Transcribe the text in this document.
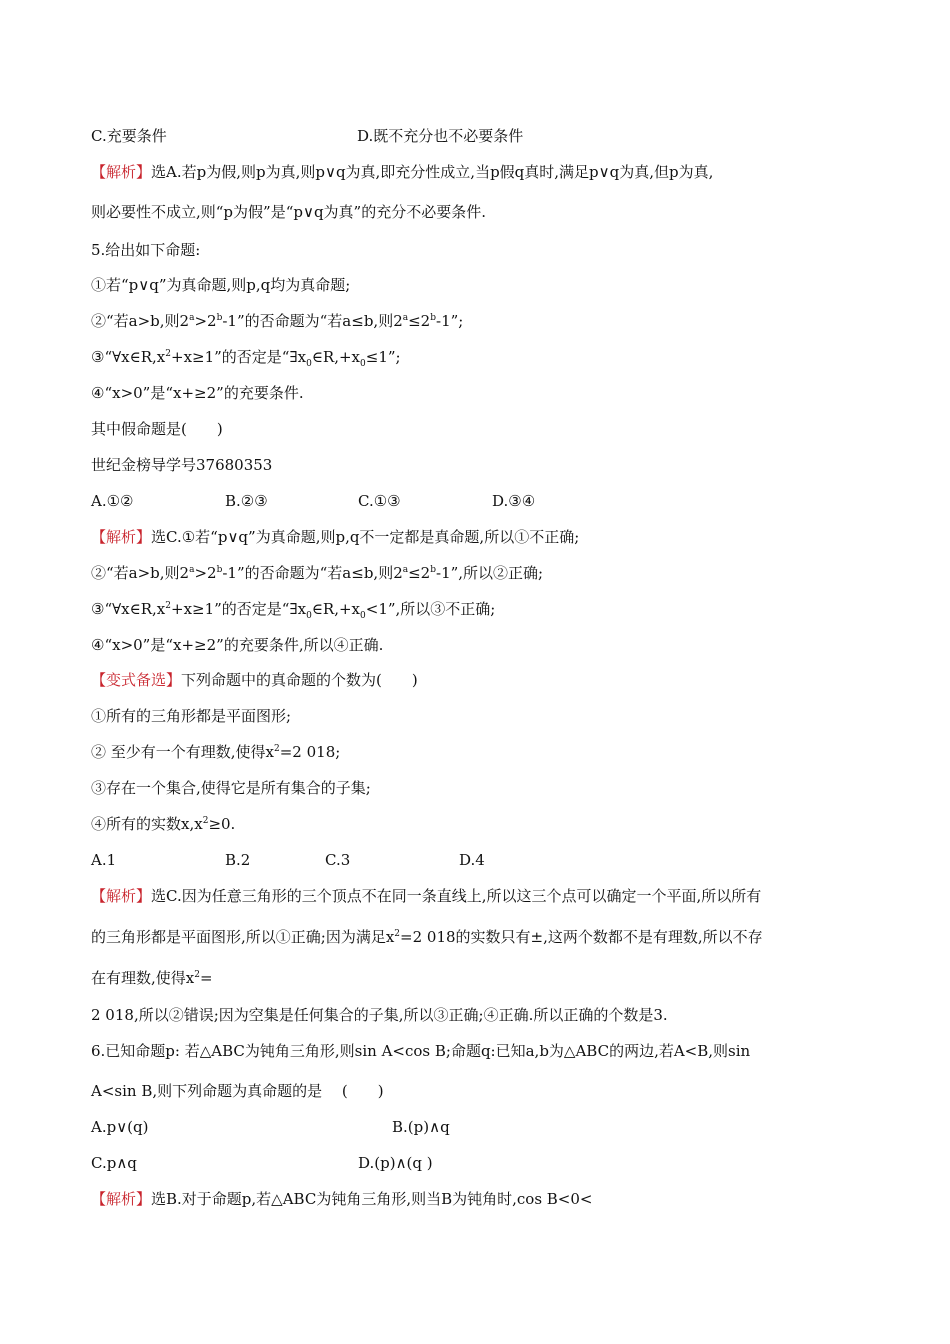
C.充要条件	D.既不充分也不必要条件
【解析】选A.若p为假,则p为真,则p∨q为真,即充分性成立,当p假q真时,满足p∨q为真,但p为真,
则必要性不成立,则“p为假”是“p∨q为真”的充分不必要条件.
5.给出如下命题:
①若“p∨q”为真命题,则p,q均为真命题;
②“若a>b,则$2^a>2^b-1$”的否命题为“若a≤b,则$2^a\le 2^b-1$”;
$③“\forall x\in R,x^2+x\ge 1$”的否定是“$\exists x_0\in R,+x_0\le 1$”;
④“x>0”是“x+≥2”的充要条件.
其中假命题是(　　)
世纪金榜导学号37680353
A.①②	B.②③	C.①③	D.③④
【解析】选C.①若“p∨q”为真命题,则p,q不一定都是真命题,所以①不正确;
②“若a>b,则$2^a>2^b-1$”的否命题为“若a≤b,则$2^a\le 2^b-1$”,所以②正确;
$③“\forall x\in R,x^2+x\ge 1$”的否定是“$\exists x_0\in R,+x_0<1$”,所以③不正确;
④“x>0”是“x+≥2”的充要条件,所以④正确.
【变式备选】下列命题中的真命题的个数为(　　)
①所有的三角形都是平面图形;
② 至少有一个有理数,使得$x^2=2$ 018;
③存在一个集合,使得它是所有集合的子集;
④所有的实数$x,x^2\ge 0$.
A.1	B.2	C.3	D.4
【解析】选C.因为任意三角形的三个顶点不在同一条直线上,所以这三个点可以确定一个平面,所以所有
的三角形都是平面图形,所以①正确;因为满足$x^2=2$ 018的实数只有±,这两个数都不是有理数,所以不存
在有理数,使得$x^2=$
2 018,所以②错误;因为空集是任何集合的子集,所以③正确;④正确.所以正确的个数是3.
6.已知命题p: 若△ABC为钝角三角形,则sin A<cos B;命题q:已知a,b为△ABC的两边,若A<B,则sin
A<sin B,则下列命题为真命题的是　 (　　)
A.p∨(q)	B.(p)∧q
C.p∧q	D.(p)∧(q )
【解析】选B.对于命题p,若△ABC为钝角三角形,则当B为钝角时,cos B<0<
